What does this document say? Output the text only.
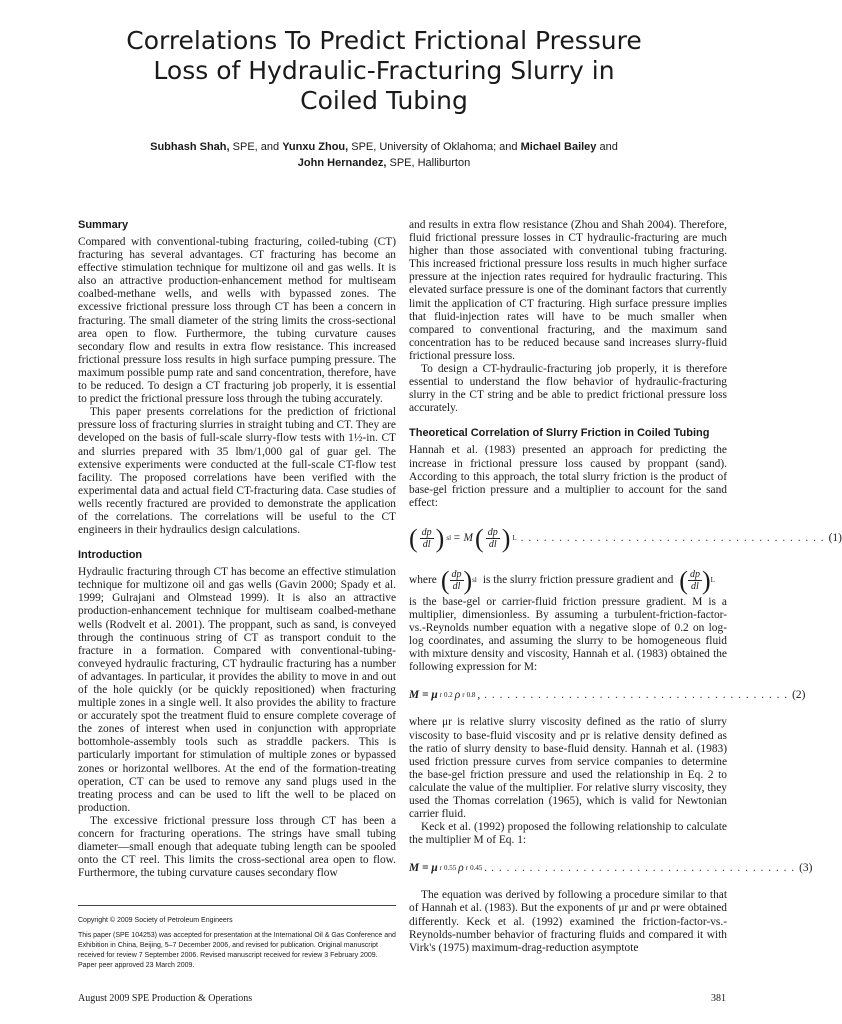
Correlations To Predict Frictional Pressure
Loss of Hydraulic-Fracturing Slurry in
Coiled Tubing
Subhash Shah, SPE, and Yunxu Zhou, SPE, University of Oklahoma; and Michael Bailey and
John Hernandez, SPE, Halliburton
Summary

Compared with conventional-tubing fracturing, coiled-tubing (CT) fracturing has several advantages. CT fracturing has become an effective stimulation technique for multizone oil and gas wells. It is also an attractive production-enhancement method for multiseam coalbed-methane wells, and wells with bypassed zones. The excessive frictional pressure loss through CT has been a concern in fracturing. The small diameter of the string limits the cross-sectional area open to flow. Furthermore, the tubing curvature causes secondary flow and results in extra flow resistance. This increased frictional pressure loss results in high surface pumping pressure. The maximum possible pump rate and sand concentration, therefore, have to be reduced. To design a CT fracturing job properly, it is essential to predict the frictional pressure loss through the tubing accurately.

This paper presents correlations for the prediction of frictional pressure loss of fracturing slurries in straight tubing and CT. They are developed on the basis of full-scale slurry-flow tests with 1½-in. CT and slurries prepared with 35 lbm/1,000 gal of guar gel. The extensive experiments were conducted at the full-scale CT-flow test facility. The proposed correlations have been verified with the experimental data and actual field CT-fracturing data. Case studies of wells recently fractured are provided to demonstrate the application of the correlations. The correlations will be useful to the CT engineers in their hydraulics design calculations.

Introduction

Hydraulic fracturing through CT has become an effective stimulation technique for multizone oil and gas wells (Gavin 2000; Spady et al. 1999; Gulrajani and Olmstead 1999). It is also an attractive production-enhancement technique for multiseam coalbed-methane wells (Rodvelt et al. 2001). The proppant, such as sand, is conveyed through the continuous string of CT as transport conduit to the fracture in a formation. Compared with conventional-tubing-conveyed hydraulic fracturing, CT hydraulic fracturing has a number of advantages. In particular, it provides the ability to move in and out of the hole quickly (or be quickly repositioned) when fracturing multiple zones in a single well. It also provides the ability to fracture or accurately spot the treatment fluid to ensure complete coverage of the zones of interest when used in conjunction with appropriate bottomhole-assembly tools such as straddle packers. This is particularly important for stimulation of multiple zones or bypassed zones or horizontal wellbores. At the end of the formation-treating operation, CT can be used to remove any sand plugs used in the treating process and can be used to lift the well to be placed on production.

The excessive frictional pressure loss through CT has been a concern for fracturing operations. The strings have small tubing diameter—small enough that adequate tubing length can be spooled onto the CT reel. This limits the cross-sectional area open to flow. Furthermore, the tubing curvature causes secondary flow

and results in extra flow resistance (Zhou and Shah 2004). Therefore, fluid frictional pressure losses in CT hydraulic-fracturing are much higher than those associated with conventional tubing fracturing. This increased frictional pressure loss results in much higher surface pressure at the injection rates required for hydraulic fracturing. This elevated surface pressure is one of the dominant factors that currently limit the application of CT fracturing. High surface pressure implies that fluid-injection rates will have to be much smaller when compared to conventional fracturing, and the maximum sand concentration has to be reduced because sand increases slurry-fluid frictional pressure loss.

To design a CT-hydraulic-fracturing job properly, it is therefore essential to understand the flow behavior of hydraulic-fracturing slurry in the CT string and be able to predict frictional pressure loss accurately.

Theoretical Correlation of Slurry Friction in Coiled Tubing

Hannah et al. (1983) presented an approach for predicting the increase in frictional pressure loss caused by proppant (sand). According to this approach, the total slurry friction is the product of base-gel friction pressure and a multiplier to account for the sand effect:

( $\frac{dp}{dl}$ ) sl = M ( $\frac{dp}{dl}$ ) L . . . . . . . . . . . . . . . . . . . . . . . . . . . . . . . . . . . . . . . . (1)
where ( $\frac{dp}{dl}$ ) sl is the slurry friction pressure gradient and ( $\frac{dp}{dl}$ ) L

is the base-gel or carrier-fluid friction pressure gradient. M is a multiplier, dimensionless. By assuming a turbulent-friction-factor-vs.-Reynolds number equation with a negative slope of 0.2 on log-log coordinates, and assuming the slurry to be homogeneous fluid with mixture density and viscosity, Hannah et al. (1983) obtained the following expression for M:

M = μ r 0.2 ρ r 0.8 , . . . . . . . . . . . . . . . . . . . . . . . . . . . . . . . . . . . . . . . . (2)

where μr is relative slurry viscosity defined as the ratio of slurry viscosity to base-fluid viscosity and ρr is relative density defined as the ratio of slurry density to base-fluid density. Hannah et al. (1983) used friction pressure curves from service companies to determine the base-gel friction pressure and used the relationship in Eq. 2 to calculate the value of the multiplier. For relative slurry viscosity, they used the Thomas correlation (1965), which is valid for Newtonian carrier fluid.

Keck et al. (1992) proposed the following relationship to calculate the multiplier M of Eq. 1:

M = μ r 0.55 ρ r 0.45 . . . . . . . . . . . . . . . . . . . . . . . . . . . . . . . . . . . . . . . . . (3)

The equation was derived by following a procedure similar to that of Hannah et al. (1983). But the exponents of μr and ρr were obtained differently. Keck et al. (1992) examined the friction-factor-vs.-Reynolds-number behavior of fracturing fluids and compared it with Virk's (1975) maximum-drag-reduction asymptote

Copyright © 2009 Society of Petroleum Engineers

This paper (SPE 104253) was accepted for presentation at the International Oil & Gas Conference and Exhibition in China, Beijing, 5–7 December 2006, and revised for publication. Original manuscript received for review 7 September 2006. Revised manuscript received for review 3 February 2009. Paper peer approved 23 March 2009.

August 2009 SPE Production & Operations	381
